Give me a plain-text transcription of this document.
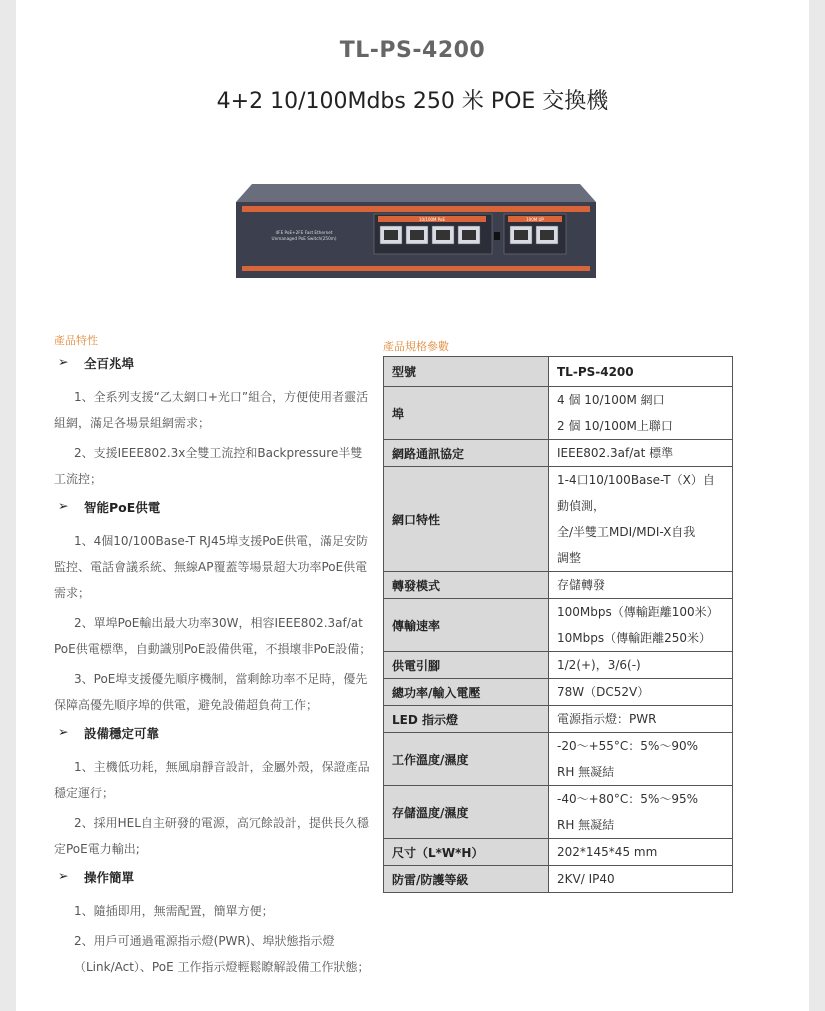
TL-PS-4200
4+2 10/100Mdbs 250 米 POE 交換機
10/100M PoE	100M UP
4FE PoE+2FE Fast Ethernet
Unmanaged PoE Switch(250m)
產品特性
➢ 全百兆埠

1、全系列支援“乙太網口+光口”組合，方便使用者靈活組網，滿足各場景組網需求；

2、支援IEEE802.3x全雙工流控和Backpressure半雙工流控；

➢ 智能PoE供電

1、4個10/100Base-T RJ45埠支援PoE供電，滿足安防監控、電話會議系統、無線AP覆蓋等場景超大功率PoE供電需求；

2、單埠PoE輸出最大功率30W，相容IEEE802.3af/at PoE供電標準，自動識別PoE設備供電，不損壞非PoE設備；

3、PoE埠支援優先順序機制，當剩餘功率不足時，優先保障高優先順序埠的供電，避免設備超負荷工作；

➢ 設備穩定可靠

1、主機低功耗，無風扇靜音設計，金屬外殼，保證產品穩定運行；

2、採用HEL自主研發的電源，高冗餘設計，提供長久穩定PoE電力輸出;

➢ 操作簡單

1、隨插即用，無需配置，簡單方便；

2、用戶可通過電源指示燈(PWR)、埠狀態指示燈（Link/Act）、PoE 工作指示燈輕鬆瞭解設備工作狀態；

產品規格參數
型號	TL-PS-4200

埠	4 個 10/100M 網口
2 個 10/100M上聯口

網路通訊協定	IEEE802.3af/at 標準

網口特性	1-4口10/100Base-T（X）自
動偵測，
全/半雙工MDI/MDI-X自我
調整

轉發模式	存儲轉發

傳輸速率	100Mbps（傳輸距離100米）
10Mbps（傳輸距離250米）

供電引腳	1/2(+)，3/6(-)

總功率/輸入電壓	78W（DC52V）

LED 指示燈	電源指示燈：PWR

工作溫度/濕度	-20～+55°C：5%～90%
RH 無凝結

存儲溫度/濕度	-40～+80°C：5%～95%
RH 無凝結

尺寸（L*W*H）	202*145*45 mm

防雷/防護等級	2KV/ IP40
